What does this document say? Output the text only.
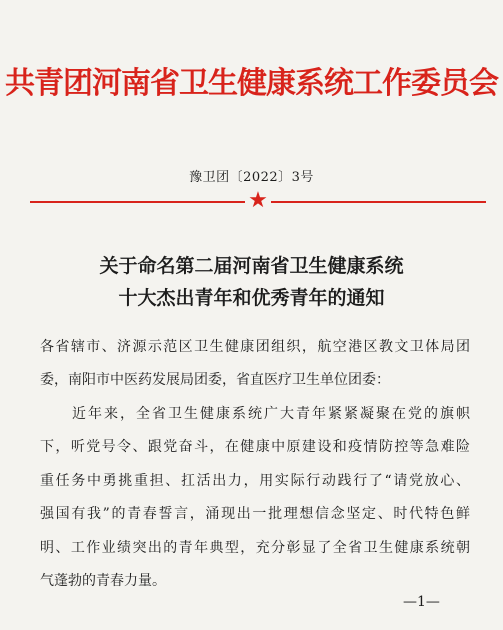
共青团河南省卫生健康系统工作委员会
豫卫团〔2022〕3号
★
关于命名第二届河南省卫生健康系统
十大杰出青年和优秀青年的通知
各省辖市、济源示范区卫生健康团组织，航空港区教文卫体局团
委，南阳市中医药发展局团委，省直医疗卫生单位团委：
　　近年来，全省卫生健康系统广大青年紧紧凝聚在党的旗帜
下，听党号令、跟党奋斗，在健康中原建设和疫情防控等急难险
重任务中勇挑重担、扛活出力，用实际行动践行了“请党放心、
强国有我”的青春誓言，涌现出一批理想信念坚定、时代特色鲜
明、工作业绩突出的青年典型，充分彰显了全省卫生健康系统朝
气蓬勃的青春力量。
—1—
